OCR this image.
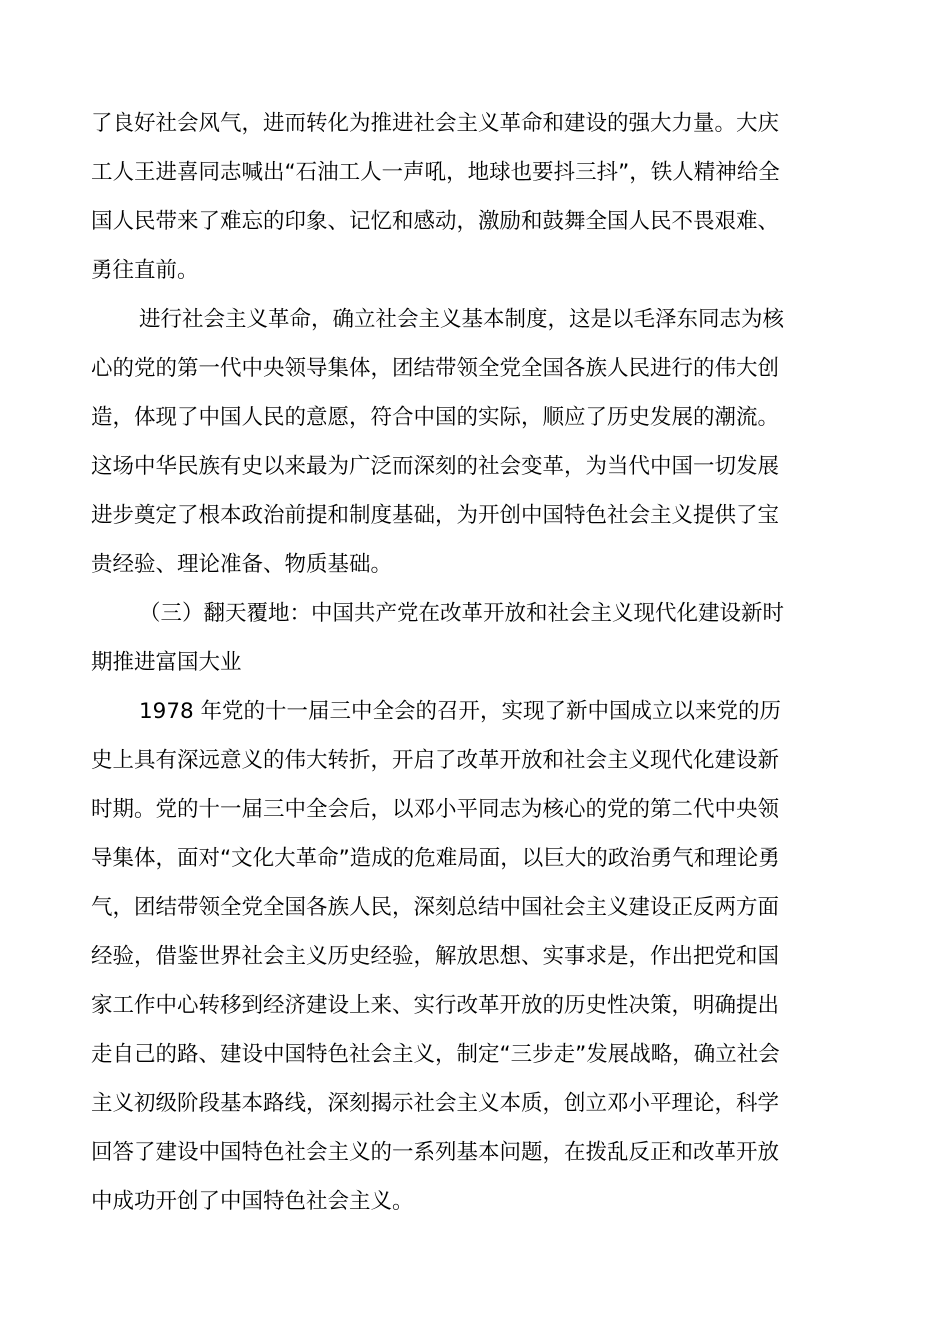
了良好社会风气，进而转化为推进社会主义革命和建设的强大力量。大庆

工人王进喜同志喊出“石油工人一声吼，地球也要抖三抖”，铁人精神给全

国人民带来了难忘的印象、记忆和感动，激励和鼓舞全国人民不畏艰难、

勇往直前。

进行社会主义革命，确立社会主义基本制度，这是以毛泽东同志为核

心的党的第一代中央领导集体，团结带领全党全国各族人民进行的伟大创

造，体现了中国人民的意愿，符合中国的实际，顺应了历史发展的潮流。

这场中华民族有史以来最为广泛而深刻的社会变革，为当代中国一切发展

进步奠定了根本政治前提和制度基础，为开创中国特色社会主义提供了宝

贵经验、理论准备、物质基础。

（三）翻天覆地：中国共产党在改革开放和社会主义现代化建设新时

期推进富国大业

1978 年党的十一届三中全会的召开，实现了新中国成立以来党的历

史上具有深远意义的伟大转折，开启了改革开放和社会主义现代化建设新

时期。党的十一届三中全会后，以邓小平同志为核心的党的第二代中央领

导集体，面对“文化大革命”造成的危难局面，以巨大的政治勇气和理论勇

气，团结带领全党全国各族人民，深刻总结中国社会主义建设正反两方面

经验，借鉴世界社会主义历史经验，解放思想、实事求是，作出把党和国

家工作中心转移到经济建设上来、实行改革开放的历史性决策，明确提出

走自己的路、建设中国特色社会主义，制定“三步走”发展战略，确立社会

主义初级阶段基本路线，深刻揭示社会主义本质，创立邓小平理论，科学

回答了建设中国特色社会主义的一系列基本问题，在拨乱反正和改革开放

中成功开创了中国特色社会主义。
